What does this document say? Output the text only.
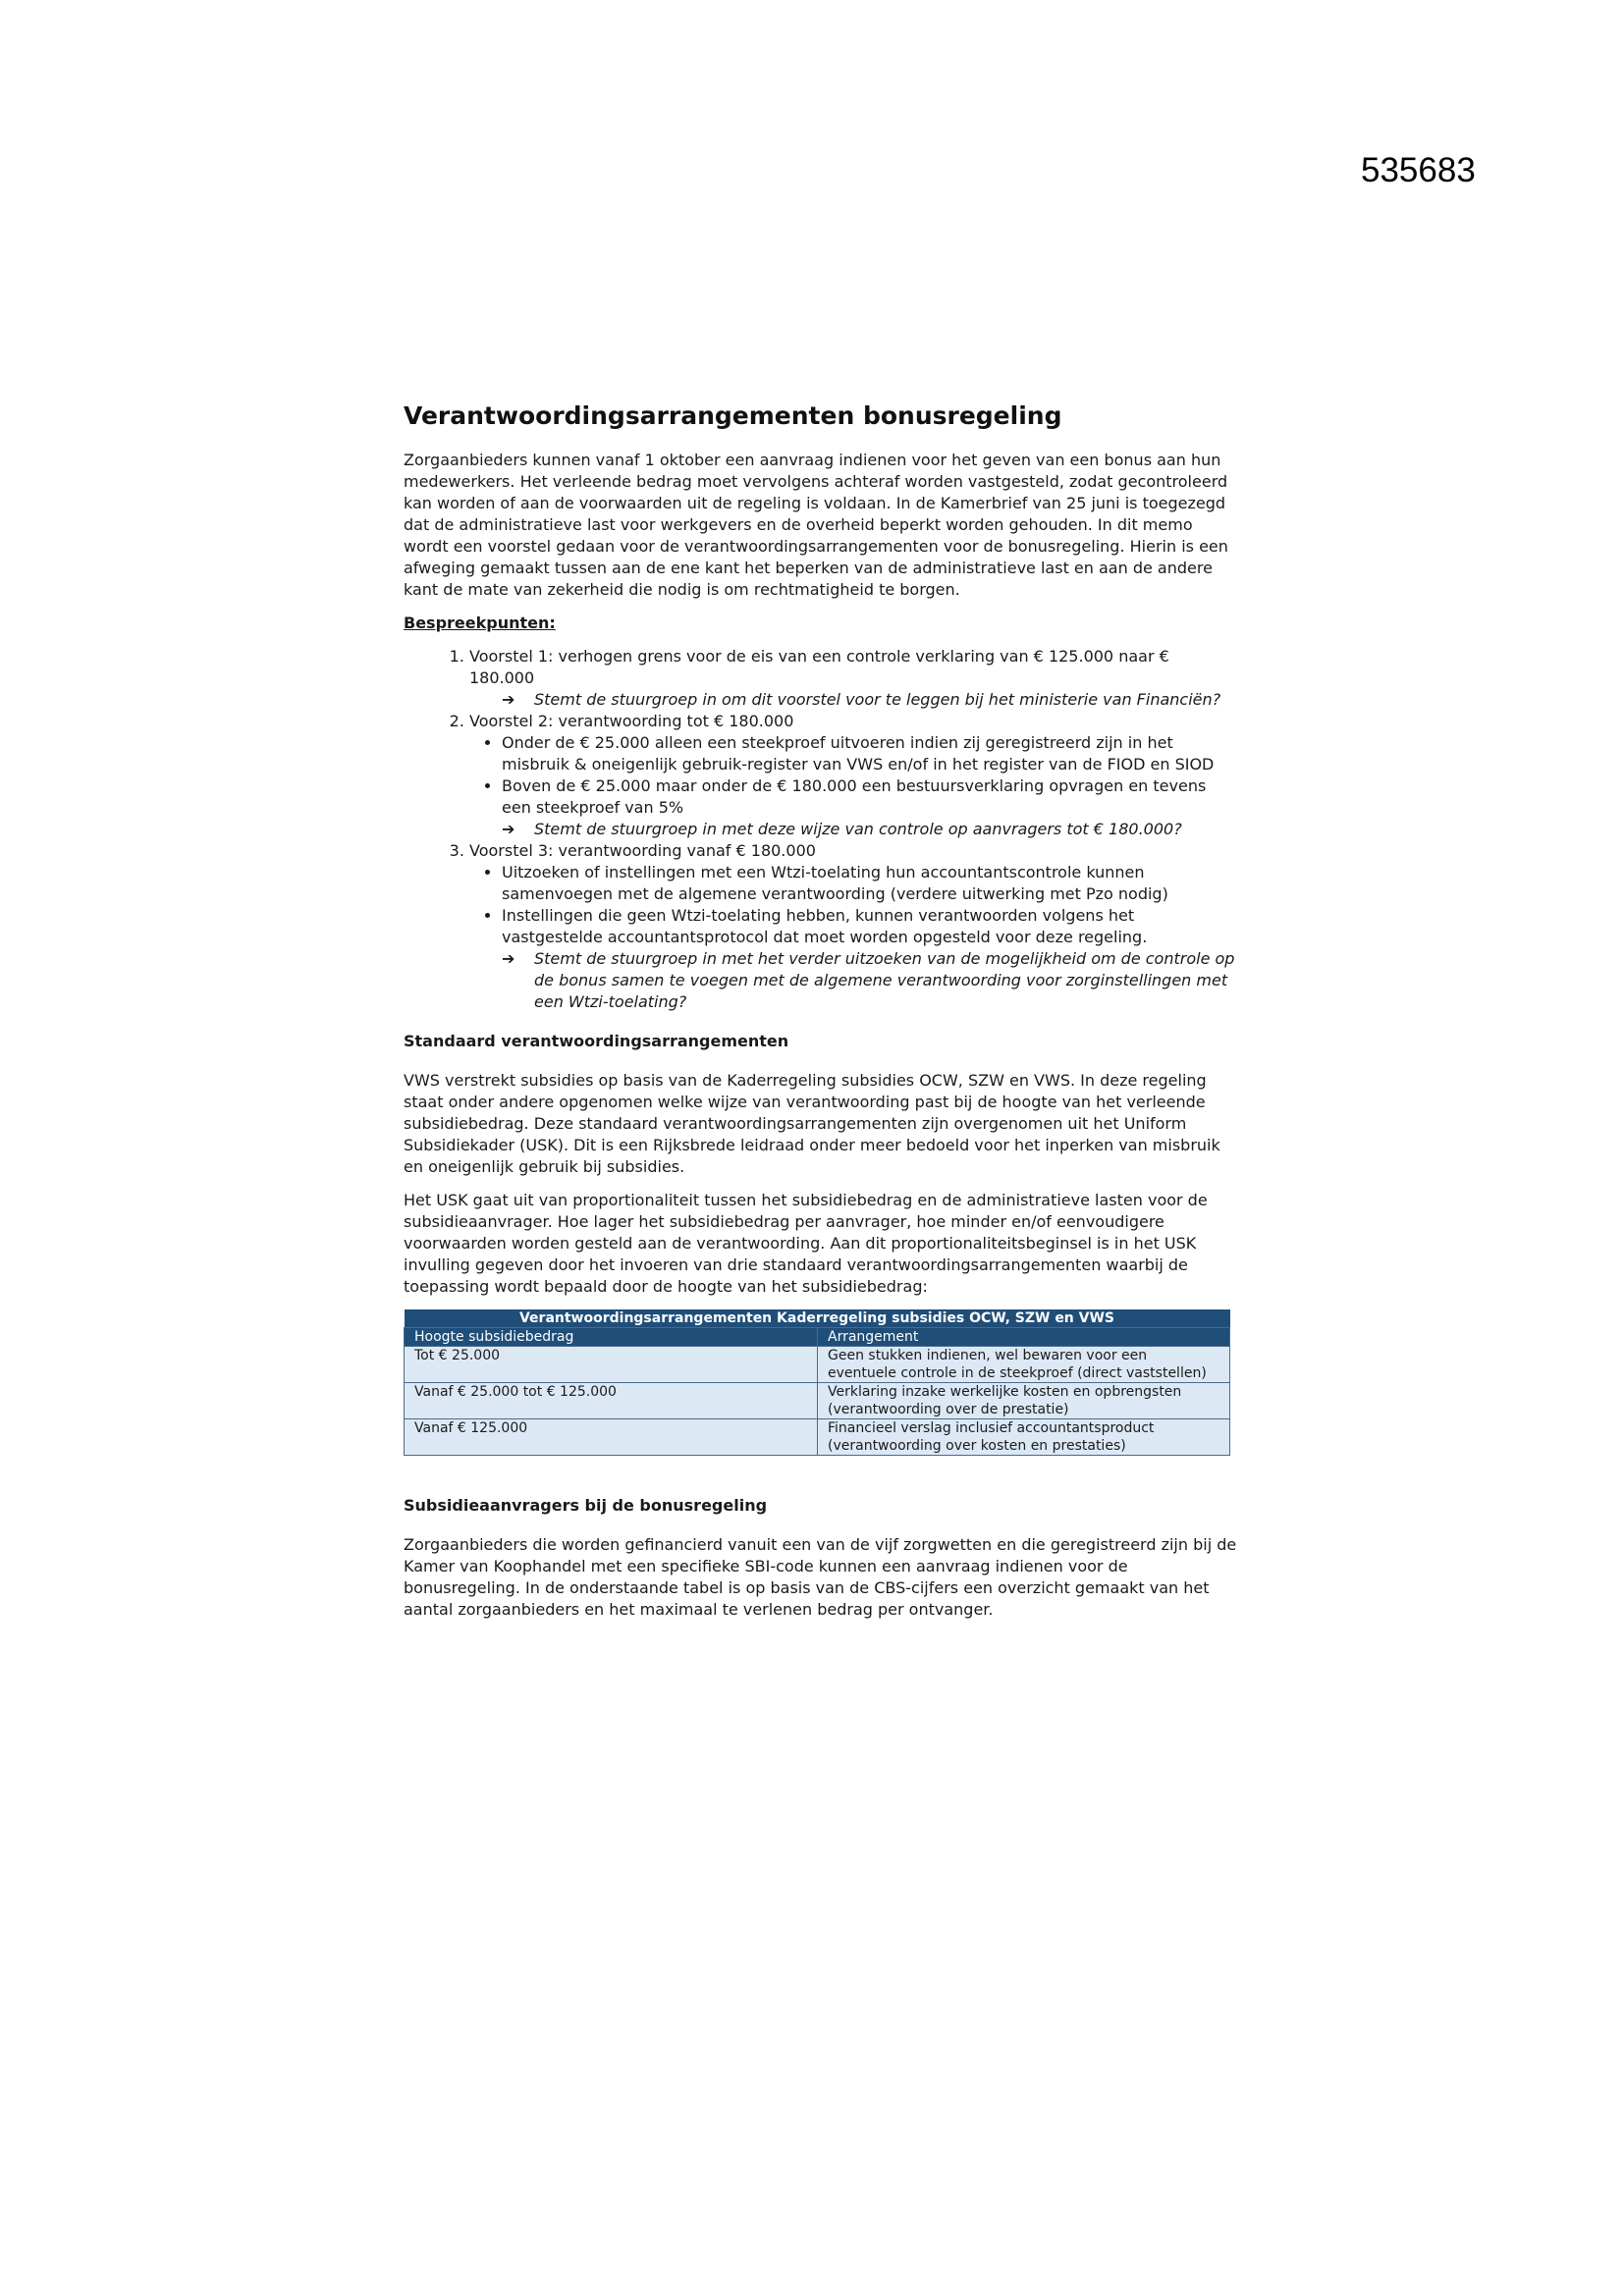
535683
Verantwoordingsarrangementen bonusregeling

Zorgaanbieders kunnen vanaf 1 oktober een aanvraag indienen voor het geven van een bonus aan hun medewerkers. Het verleende bedrag moet vervolgens achteraf worden vastgesteld, zodat gecontroleerd kan worden of aan de voorwaarden uit de regeling is voldaan. In de Kamerbrief van 25 juni is toegezegd dat de administratieve last voor werkgevers en de overheid beperkt worden gehouden. In dit memo wordt een voorstel gedaan voor de verantwoordingsarrangementen voor de bonusregeling. Hierin is een afweging gemaakt tussen aan de ene kant het beperken van de administratieve last en aan de andere kant de mate van zekerheid die nodig is om rechtmatigheid te borgen.

Bespreekpunten:
1. Voorstel 1: verhogen grens voor de eis van een controle verklaring van € 125.000 naar € 180.000

➔ Stemt de stuurgroep in om dit voorstel voor te leggen bij het ministerie van Financiën?

2. Voorstel 2: verantwoording tot € 180.000
• Onder de € 25.000 alleen een steekproef uitvoeren indien zij geregistreerd zijn in het misbruik & oneigenlijk gebruik-register van VWS en/of in het register van de FIOD en SIOD
• Boven de € 25.000 maar onder de € 180.000 een bestuursverklaring opvragen en tevens een steekproef van 5%

➔ Stemt de stuurgroep in met deze wijze van controle op aanvragers tot € 180.000?

3. Voorstel 3: verantwoording vanaf € 180.000
• Uitzoeken of instellingen met een Wtzi-toelating hun accountantscontrole kunnen samenvoegen met de algemene verantwoording (verdere uitwerking met Pzo nodig)
• Instellingen die geen Wtzi-toelating hebben, kunnen verantwoorden volgens het vastgestelde accountantsprotocol dat moet worden opgesteld voor deze regeling.

➔ Stemt de stuurgroep in met het verder uitzoeken van de mogelijkheid om de controle op de bonus samen te voegen met de algemene verantwoording voor zorginstellingen met een Wtzi-toelating?

Standaard verantwoordingsarrangementen

VWS verstrekt subsidies op basis van de Kaderregeling subsidies OCW, SZW en VWS. In deze regeling staat onder andere opgenomen welke wijze van verantwoording past bij de hoogte van het verleende subsidiebedrag. Deze standaard verantwoordingsarrangementen zijn overgenomen uit het Uniform Subsidiekader (USK). Dit is een Rijksbrede leidraad onder meer bedoeld voor het inperken van misbruik en oneigenlijk gebruik bij subsidies.

Het USK gaat uit van proportionaliteit tussen het subsidiebedrag en de administratieve lasten voor de subsidieaanvrager. Hoe lager het subsidiebedrag per aanvrager, hoe minder en/of eenvoudigere voorwaarden worden gesteld aan de verantwoording. Aan dit proportionaliteitsbeginsel is in het USK invulling gegeven door het invoeren van drie standaard verantwoordingsarrangementen waarbij de toepassing wordt bepaald door de hoogte van het subsidiebedrag:

Verantwoordingsarrangementen Kaderregeling subsidies OCW, SZW en VWS	
Hoogte subsidiebedrag	Arrangement
Tot € 25.000	Geen stukken indienen, wel bewaren voor een eventuele controle in de steekproef (direct vaststellen)
Vanaf € 25.000 tot € 125.000	Verklaring inzake werkelijke kosten en opbrengsten (verantwoording over de prestatie)
Vanaf € 125.000	Financieel verslag inclusief accountantsproduct (verantwoording over kosten en prestaties)
Subsidieaanvragers bij de bonusregeling

Zorgaanbieders die worden gefinancierd vanuit een van de vijf zorgwetten en die geregistreerd zijn bij de Kamer van Koophandel met een specifieke SBI-code kunnen een aanvraag indienen voor de bonusregeling. In de onderstaande tabel is op basis van de CBS-cijfers een overzicht gemaakt van het aantal zorgaanbieders en het maximaal te verlenen bedrag per ontvanger.
